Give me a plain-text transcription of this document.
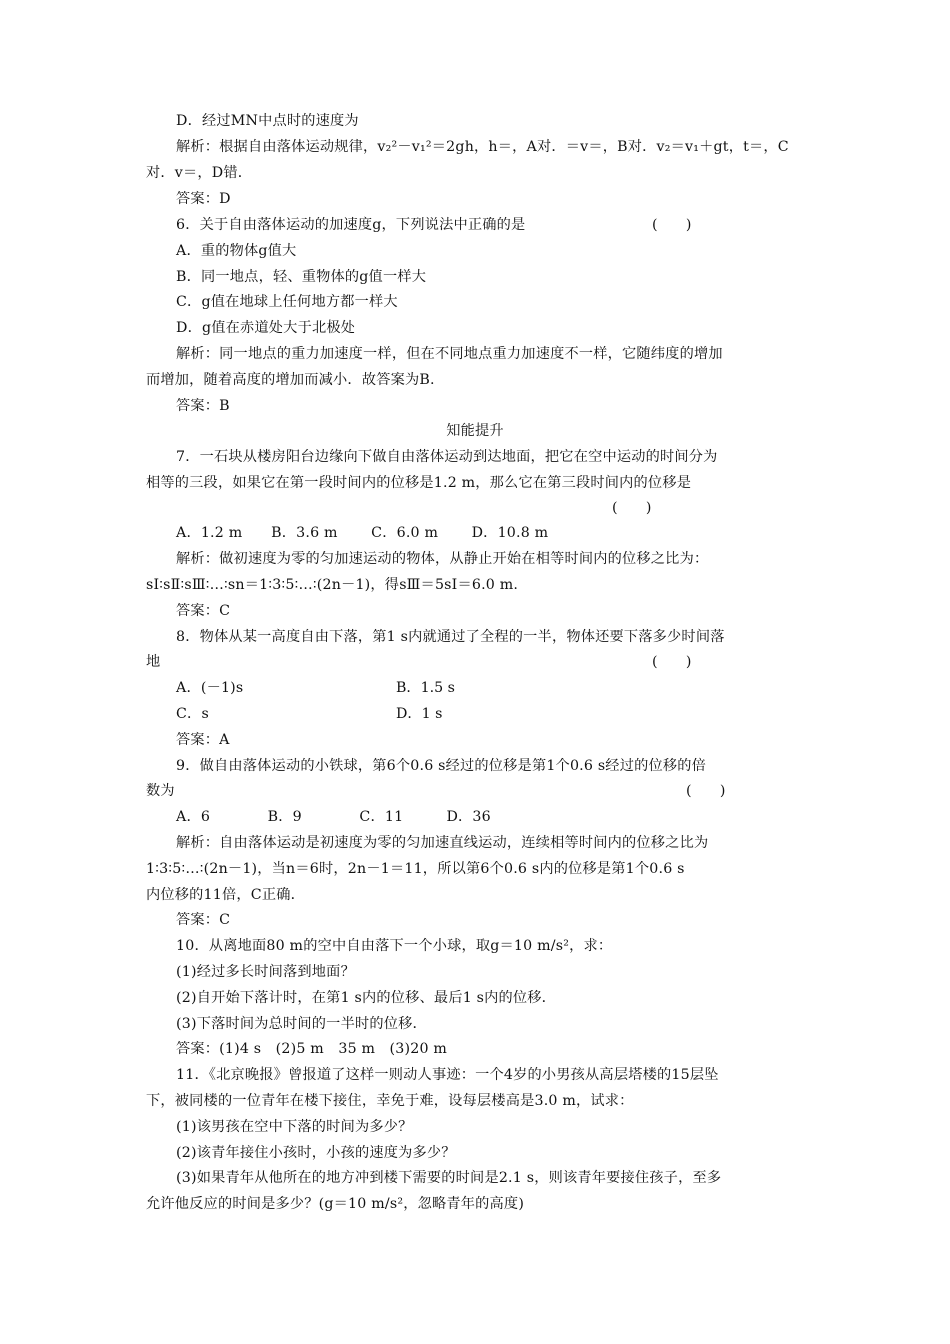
D．经过MN中点时的速度为
解析：根据自由落体运动规律，v₂²－v₁²＝2gh，h＝，A对．＝v＝，B对．v₂＝v₁＋gt，t＝，C
对．v＝，D错．
答案：D
6．关于自由落体运动的加速度g，下列说法中正确的是
A．重的物体g值大
B．同一地点，轻、重物体的g值一样大
C．g值在地球上任何地方都一样大
D．g值在赤道处大于北极处
解析：同一地点的重力加速度一样，但在不同地点重力加速度不一样，它随纬度的增加
而增加，随着高度的增加而减小．故答案为B.
答案：B
知能提升
7．一石块从楼房阳台边缘向下做自由落体运动到达地面，把它在空中运动的时间分为
相等的三段，如果它在第一段时间内的位移是1.2 m，那么它在第三段时间内的位移是
A．1.2 m　　B．3.6 m　　 C．6.0 m　　 D．10.8 m
解析：做初速度为零的匀加速运动的物体，从静止开始在相等时间内的位移之比为：
sⅠ∶sⅡ∶sⅢ∶…∶sn＝1∶3∶5∶…∶(2n－1)，得sⅢ＝5sⅠ＝6.0 m.
答案：C
8．物体从某一高度自由下落，第1 s内就通过了全程的一半，物体还要下落多少时间落
地
A．(－1)s
C．s
答案：A
9．做自由落体运动的小铁球，第6个0.6 s经过的位移是第1个0.6 s经过的位移的倍
数为
A．6　　　　B．9　　　　C．11　　　D．36
解析：自由落体运动是初速度为零的匀加速直线运动，连续相等时间内的位移之比为
1∶3∶5∶…∶(2n－1)，当n＝6时，2n－1＝11，所以第6个0.6 s内的位移是第1个0.6 s
内位移的11倍，C正确．
答案：C
10．从离地面80 m的空中自由落下一个小球，取g＝10 m/s²，求：
(1)经过多长时间落到地面？
(2)自开始下落计时，在第1 s内的位移、最后1 s内的位移．
(3)下落时间为总时间的一半时的位移．
答案：(1)4 s　(2)5 m　35 m　(3)20 m
11．《北京晚报》曾报道了这样一则动人事迹：一个4岁的小男孩从高层塔楼的15层坠
下，被同楼的一位青年在楼下接住，幸免于难，设每层楼高是3.0 m，试求：
(1)该男孩在空中下落的时间为多少？
(2)该青年接住小孩时，小孩的速度为多少？
(3)如果青年从他所在的地方冲到楼下需要的时间是2.1 s，则该青年要接住孩子，至多
允许他反应的时间是多少？(g＝10 m/s²，忽略青年的高度)
(　　)
(　　)
(　　)
B．1.5 s
D．1 s
(　　)
